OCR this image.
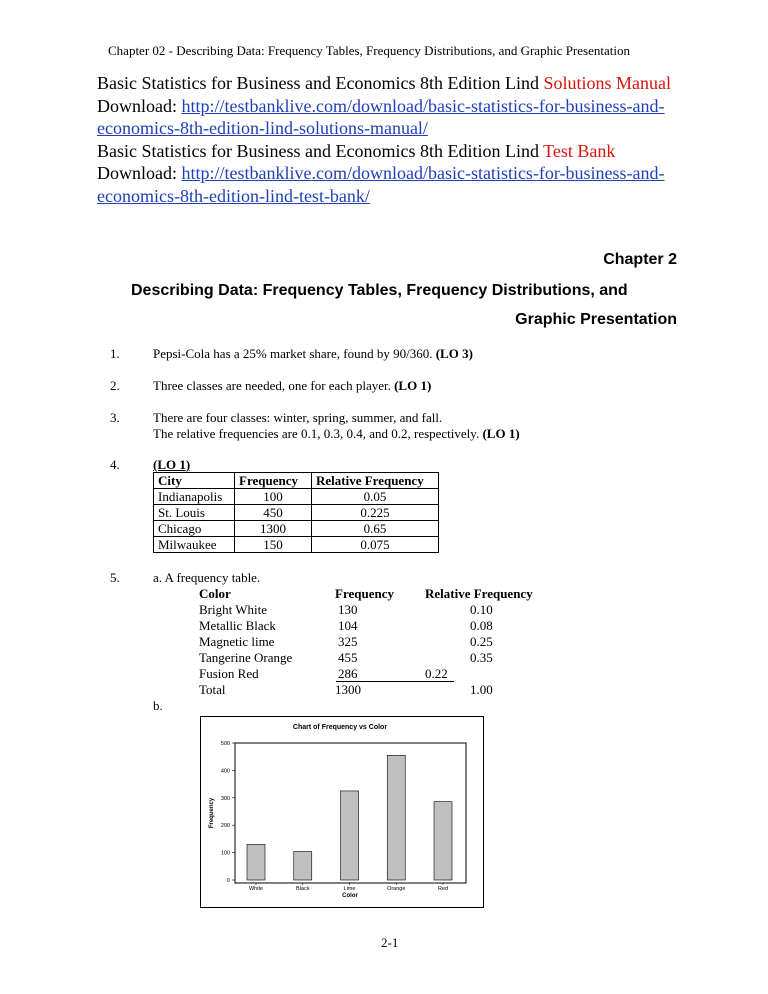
Chapter 02 - Describing Data: Frequency Tables, Frequency Distributions, and Graphic Presentation
Basic Statistics for Business and Economics 8th Edition Lind Solutions Manual
Download: http://testbanklive.com/download/basic-statistics-for-business-and-economics-8th-edition-lind-solutions-manual/
Basic Statistics for Business and Economics 8th Edition Lind Test Bank
Download: http://testbanklive.com/download/basic-statistics-for-business-and-economics-8th-edition-lind-test-bank/
Chapter 2
Describing Data: Frequency Tables, Frequency Distributions, and
Graphic Presentation
1.	Pepsi-Cola has a 25% market share, found by 90/360. (LO 3)
2.	Three classes are needed, one for each player. (LO 1)
3.	There are four classes: winter, spring, summer, and fall.
The relative frequencies are 0.1, 0.3, 0.4, and 0.2, respectively. (LO 1)
4.	(LO 1)
City	Frequency	Relative Frequency
Indianapolis	100	0.05
St. Louis	450	0.225
Chicago	1300	0.65
Milwaukee	150	0.075
5.	a. A frequency table.
Color	Frequency Relative Frequency
Bright White	130	0.10
Metallic Black	104	0.08
Magnetic lime	325	0.25
Tangerine Orange	455	0.35
Fusion Red	286	0.22
Total	1300	1.00
b.
Chart of Frequency vs Color
0
100
200
300
400
500
White	Black	Lime	Orange	Red
Color
Frequency
2-1
